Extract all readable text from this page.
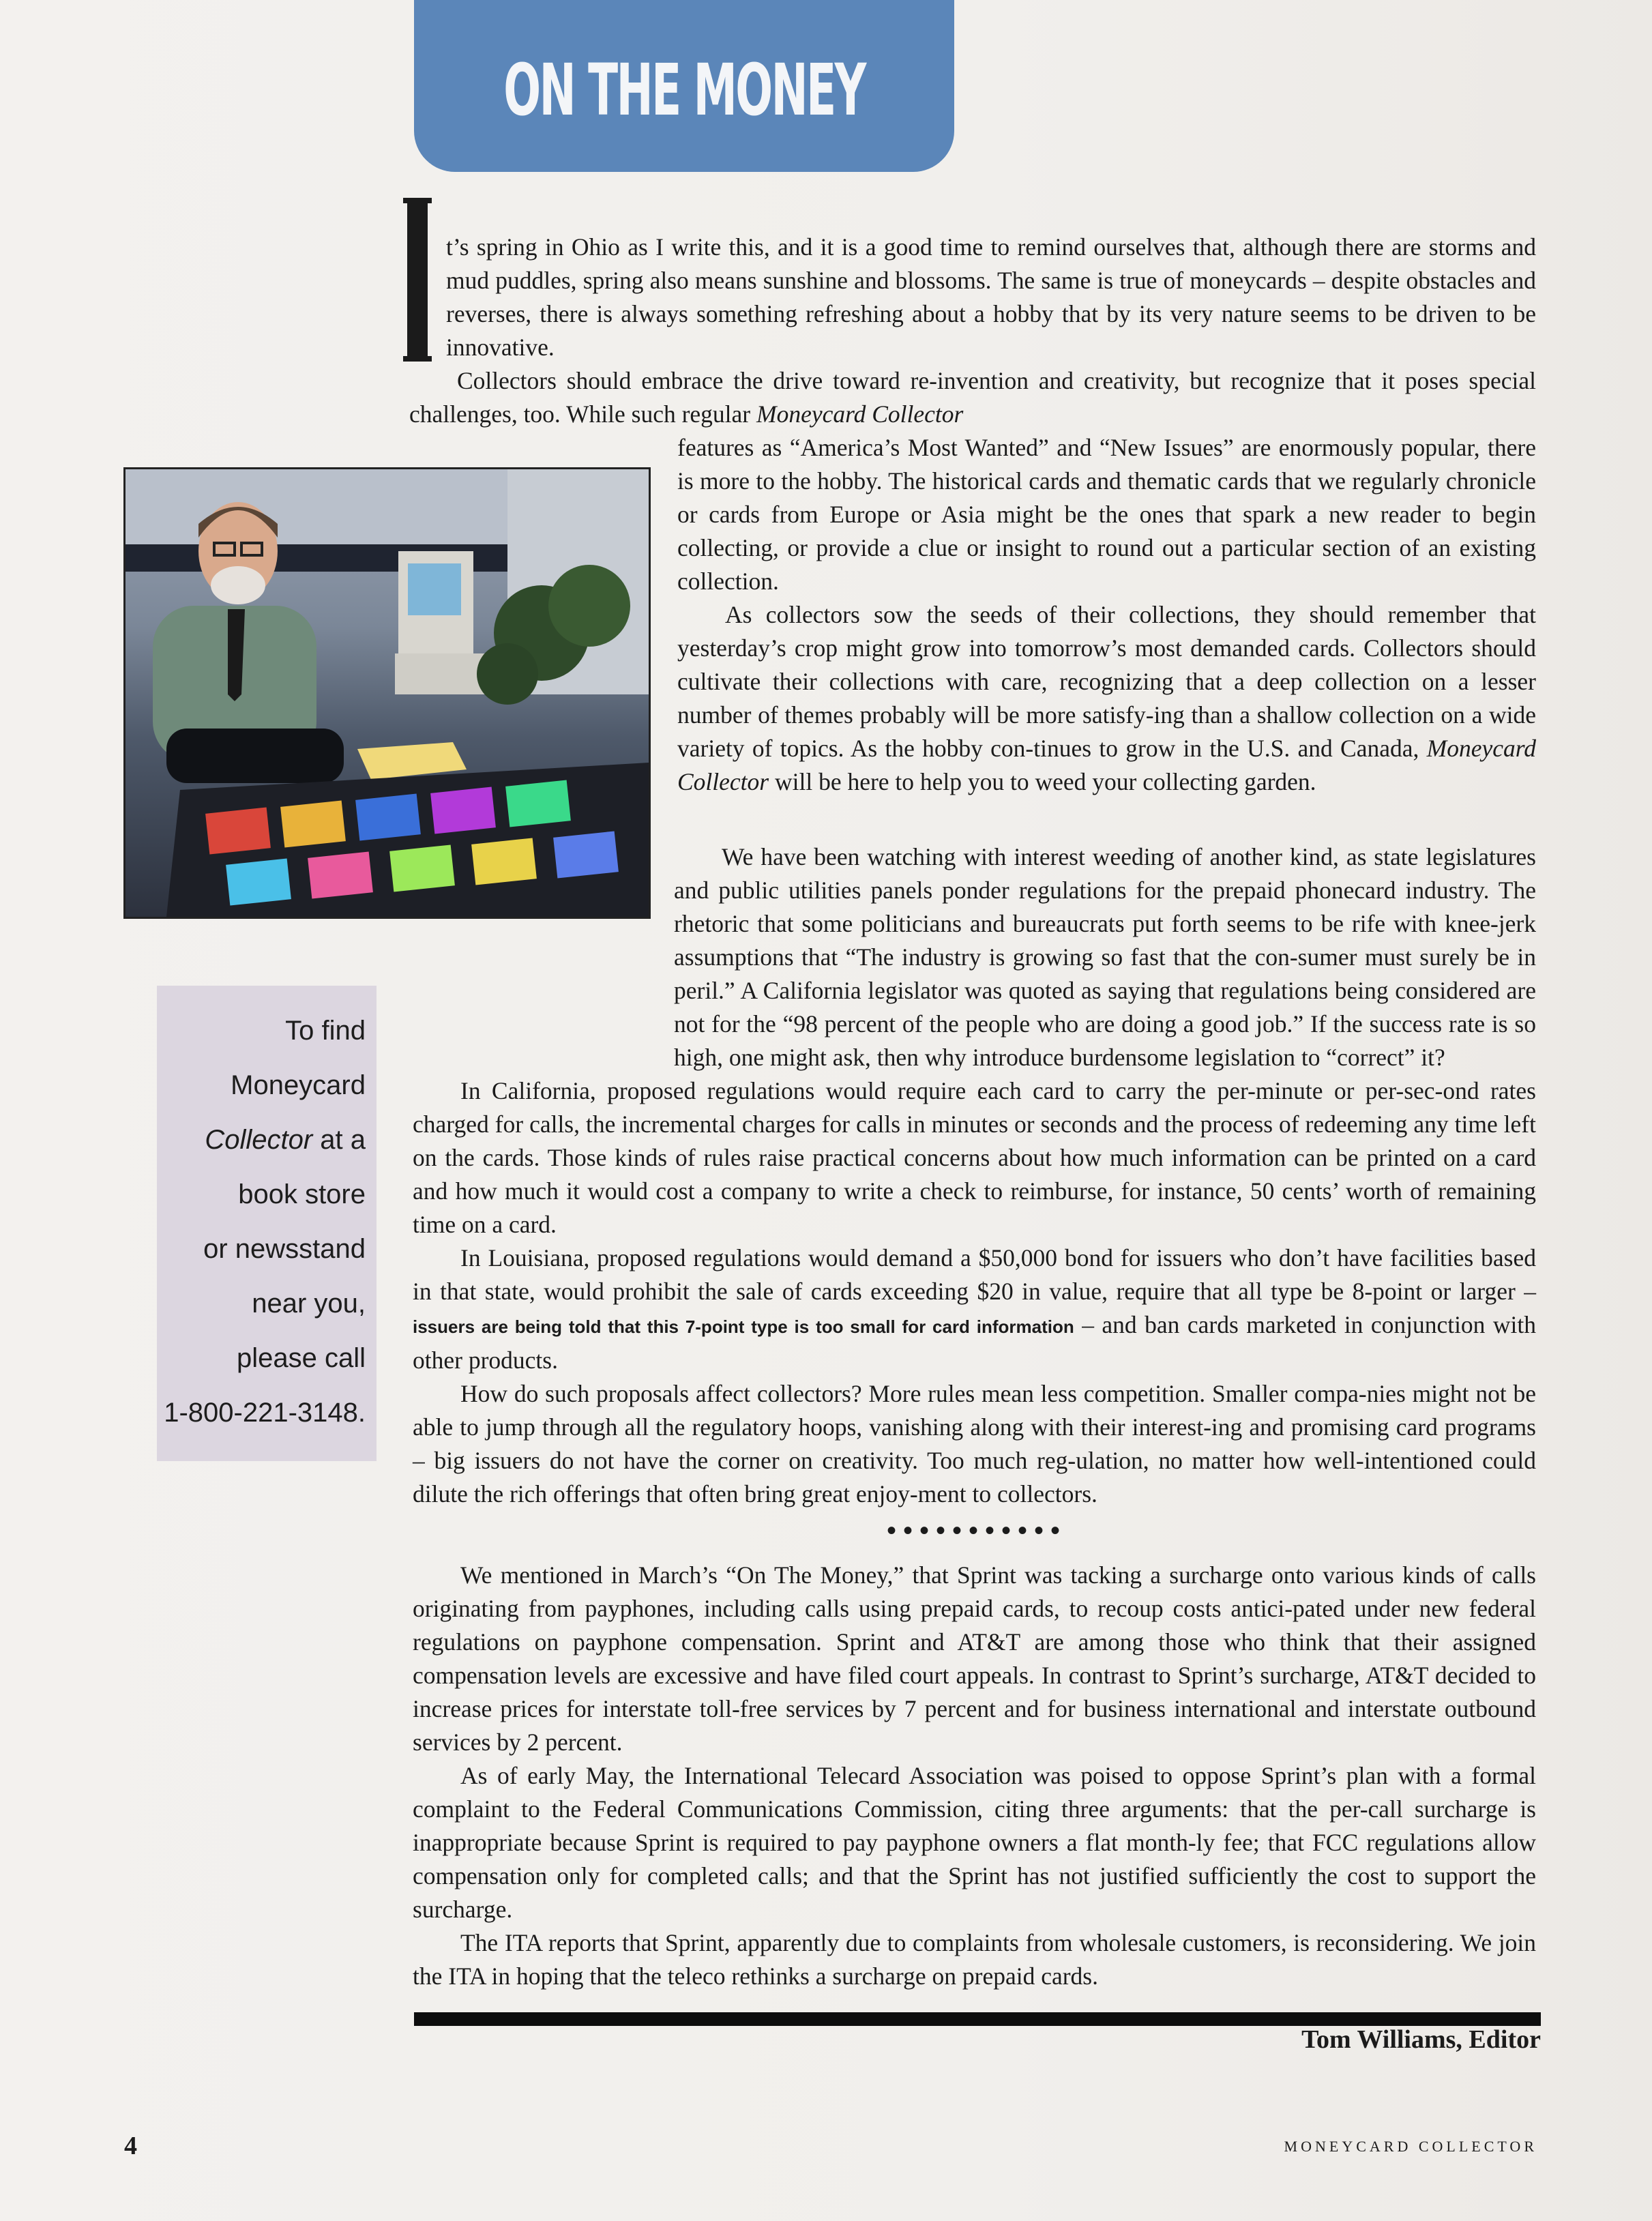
ON THE MONEY
To find
Moneycard
Collector at a
book store
or newsstand
near you,
please call
1-800-221-3148.

t’s spring in Ohio as I write this, and it is a good time to remind ourselves that, although there are storms and mud puddles, spring also means sunshine and blossoms. The same is true of moneycards – despite obstacles and reverses, there is always something refreshing about a hobby that by its very nature seems to be driven to be innovative.

Collectors should embrace the drive toward re-invention and creativity, but recognize that it poses special challenges, too. While such regular Moneycard Collector

features as “America’s Most Wanted” and “New Issues” are enormously popular, there is more to the hobby. The historical cards and thematic cards that we regularly chronicle or cards from Europe or Asia might be the ones that spark a new reader to begin collecting, or provide a clue or insight to round out a particular section of an existing collection.

As collectors sow the seeds of their collections, they should remember that yesterday’s crop might grow into tomorrow’s most demanded cards. Collectors should cultivate their collections with care, recognizing that a deep collection on a lesser number of themes probably will be more satisfy-ing than a shallow collection on a wide variety of topics. As the hobby con-tinues to grow in the U.S. and Canada, Moneycard Collector will be here to help you to weed your collecting garden.

We have been watching with interest weeding of another kind, as state legislatures and public utilities panels ponder regulations for the prepaid phonecard industry. The rhetoric that some politicians and bureaucrats put forth seems to be rife with knee-jerk assumptions that “The industry is growing so fast that the con-sumer must surely be in peril.” A California legislator was quoted as saying that regulations being considered are not for the “98 percent of the people who are doing a good job.” If the success rate is so high, one might ask, then why introduce burdensome legislation to “correct” it?

In California, proposed regulations would require each card to carry the per-minute or per-sec-ond rates charged for calls, the incremental charges for calls in minutes or seconds and the process of redeeming any time left on the cards. Those kinds of rules raise practical concerns about how much information can be printed on a card and how much it would cost a company to write a check to reimburse, for instance, 50 cents’ worth of remaining time on a card.

In Louisiana, proposed regulations would demand a $50,000 bond for issuers who don’t have facilities based in that state, would prohibit the sale of cards exceeding $20 in value, require that all type be 8-point or larger – issuers are being told that this 7-point type is too small for card information – and ban cards marketed in conjunction with other products.

How do such proposals affect collectors? More rules mean less competition. Smaller compa-nies might not be able to jump through all the regulatory hoops, vanishing along with their interest-ing and promising card programs – big issuers do not have the corner on creativity. Too much reg-ulation, no matter how well-intentioned could dilute the rich offerings that often bring great enjoy-ment to collectors.

•••••••••••

We mentioned in March’s “On The Money,” that Sprint was tacking a surcharge onto various kinds of calls originating from payphones, including calls using prepaid cards, to recoup costs antici-pated under new federal regulations on payphone compensation. Sprint and AT&T are among those who think that their assigned compensation levels are excessive and have filed court appeals. In contrast to Sprint’s surcharge, AT&T decided to increase prices for interstate toll-free services by 7 percent and for business international and interstate outbound services by 2 percent.

As of early May, the International Telecard Association was poised to oppose Sprint’s plan with a formal complaint to the Federal Communications Commission, citing three arguments: that the per-call surcharge is inappropriate because Sprint is required to pay payphone owners a flat month-ly fee; that FCC regulations allow compensation only for completed calls; and that the Sprint has not justified sufficiently the cost to support the surcharge.

The ITA reports that Sprint, apparently due to complaints from wholesale customers, is reconsidering. We join the ITA in hoping that the teleco rethinks a surcharge on prepaid cards.

Tom Williams, Editor
4	MONEYCARD COLLECTOR
